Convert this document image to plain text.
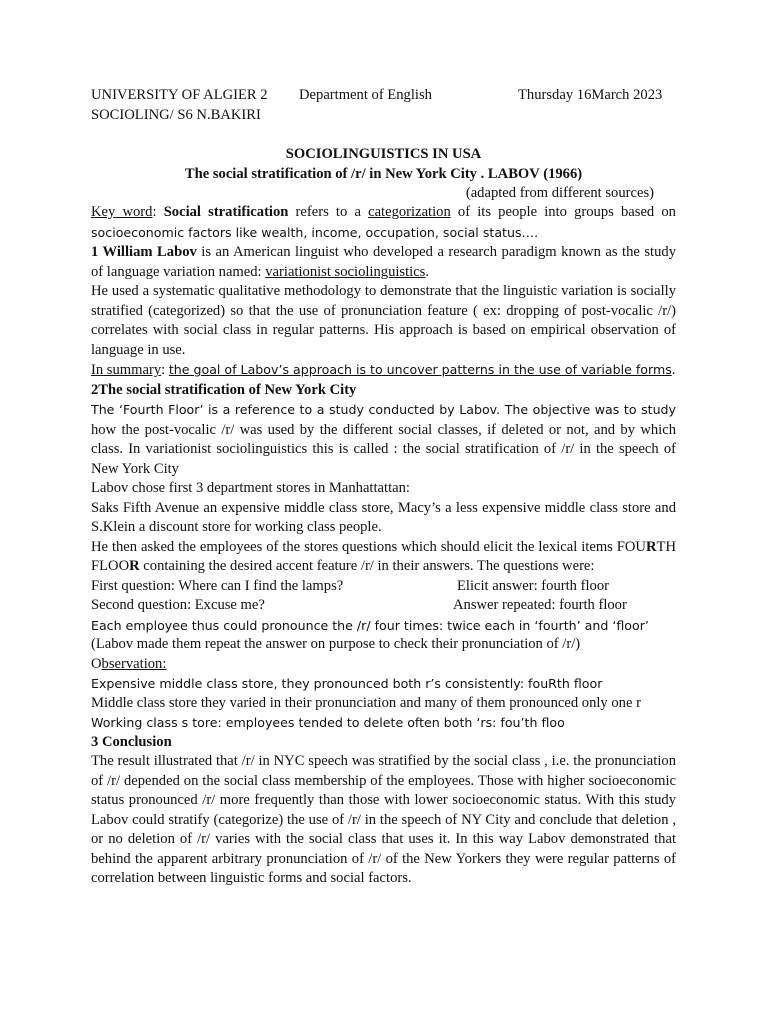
UNIVERSITY OF ALGIER 2 Department of English	Thursday 16March 2023
SOCIOLING/ S6 N.BAKIRI

SOCIOLINGUISTICS IN USA

The social stratification of /r/ in New York City . LABOV (1966)

(adapted from different sources)

Key word: Social stratification refers to a categorization of its people into groups based on socioeconomic factors like wealth, income, occupation, social status….

1 William Labov is an American linguist who developed a research paradigm known as the study of language variation named: variationist sociolinguistics.

He used a systematic qualitative methodology to demonstrate that the linguistic variation is socially stratified (categorized) so that the use of pronunciation feature ( ex: dropping of post-vocalic /r/) correlates with social class in regular patterns. His approach is based on empirical observation of language in use.

In summary: the goal of Labov’s approach is to uncover patterns in the use of variable forms.

2The social stratification of New York City

The ‘Fourth Floor’ is a reference to a study conducted by Labov. The objective was to study how the post-vocalic /r/ was used by the different social classes, if deleted or not, and by which class. In variationist sociolinguistics this is called : the social stratification of /r/ in the speech of New York City

Labov chose first 3 department stores in Manhattattan:

Saks Fifth Avenue an expensive middle class store, Macy’s a less expensive middle class store and S.Klein a discount store for working class people.

He then asked the employees of the stores questions which should elicit the lexical items FOURTH FLOOR containing the desired accent feature /r/ in their answers. The questions were:

First question: Where can I find the lamps?	Elicit answer: fourth floor
Second question: Excuse me?	Answer repeated: fourth floor

Each employee thus could pronounce the /r/ four times: twice each in ‘fourth’ and ‘floor’

(Labov made them repeat the answer on purpose to check their pronunciation of /r/)

Observation:

Expensive middle class store, they pronounced both r’s consistently: fouRth floor

Middle class store they varied in their pronunciation and many of them pronounced only one r

Working class s tore: employees tended to delete often both ‘rs: fou’th floo

3 Conclusion

The result illustrated that /r/ in NYC speech was stratified by the social class , i.e. the pronunciation of /r/ depended on the social class membership of the employees. Those with higher socioeconomic status pronounced /r/ more frequently than those with lower socioeconomic status. With this study Labov could stratify (categorize) the use of /r/ in the speech of NY City and conclude that deletion , or no deletion of /r/ varies with the social class that uses it. In this way Labov demonstrated that behind the apparent arbitrary pronunciation of /r/ of the New Yorkers they were regular patterns of correlation between linguistic forms and social factors.
